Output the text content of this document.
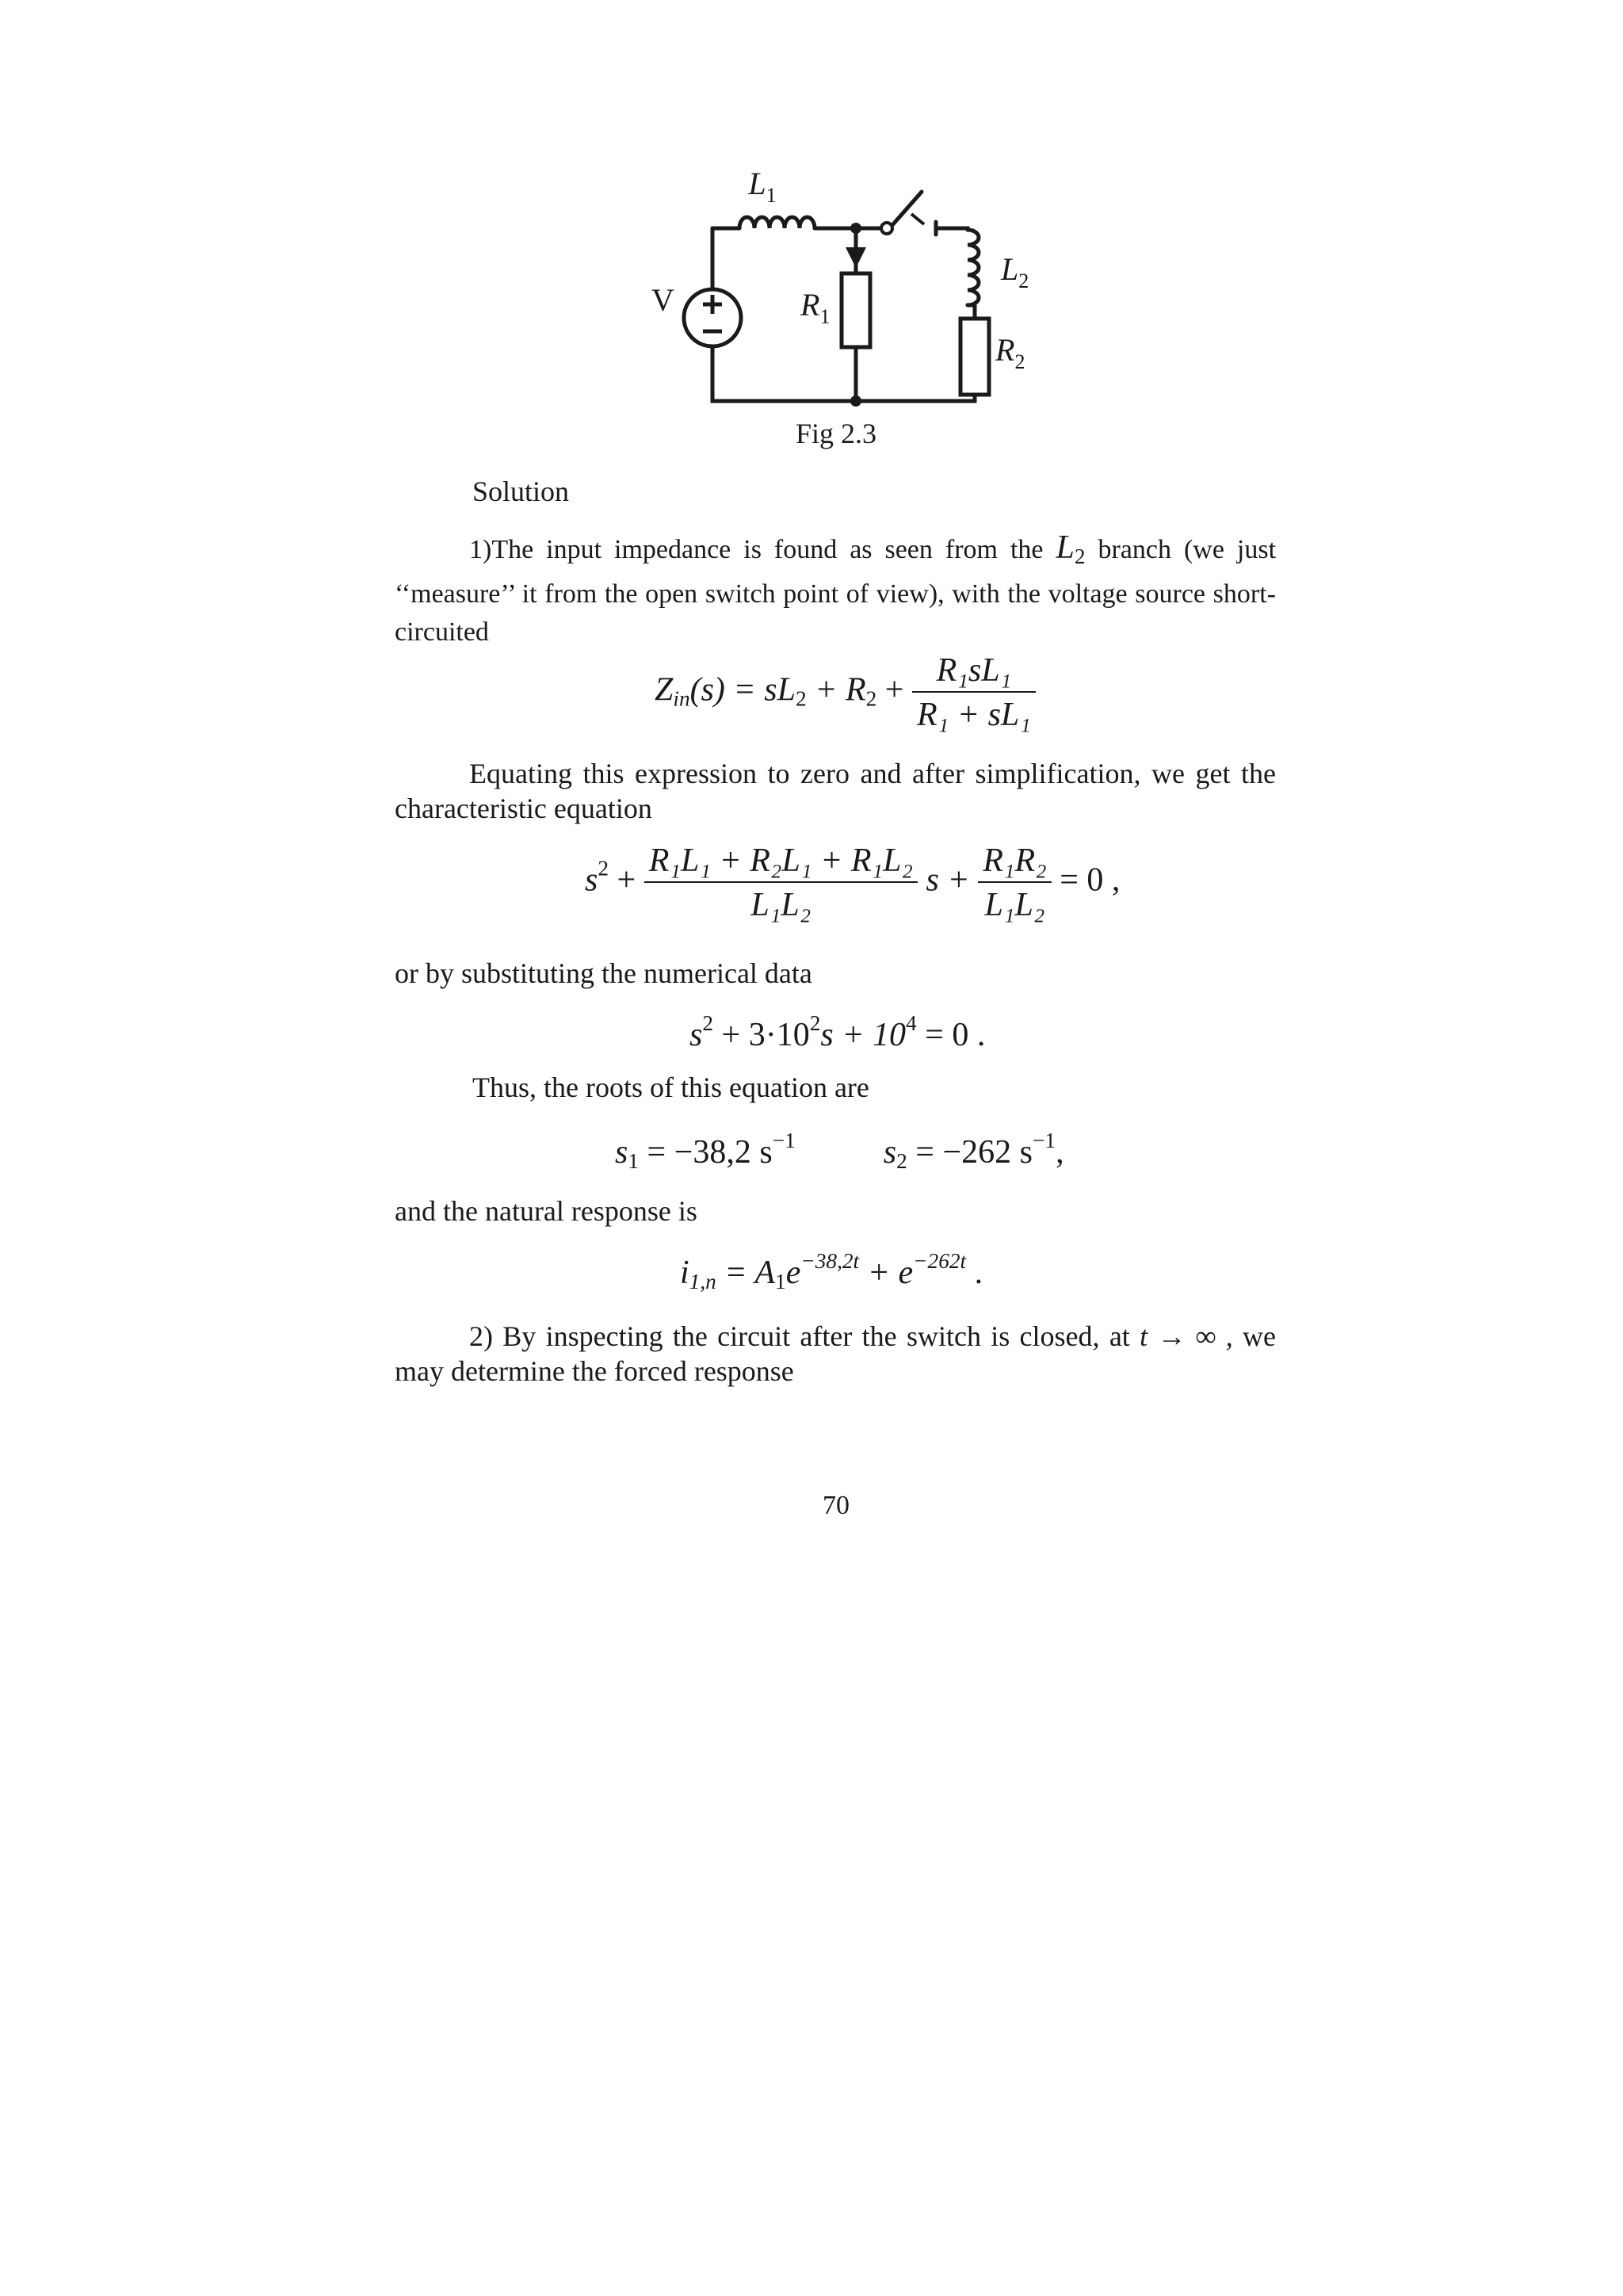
$L_1$
$L_2$
$R_1$
$R_2$
V
Fig 2.3
Solution
1)The input impedance is found as seen from the $L_2$ branch (we just ‘‘measure’’ it from the open switch point of view), with the voltage source short-circuited
$Z_{in}(s) = sL_2 + R_2 + \frac{\text{R₁sL₁}}{\text{R₁ + sL₁}}$
Equating this expression to zero and after simplification, we get the characteristic equation
$s^2 + \frac{\text{R₁L₁ + R₂L₁ + R₁L₂}}{\text{L₁L₂}}$ $s + \frac{\text{R₁R₂}}{\text{L₁L₂}} = 0$ ,
or by substituting the numerical data
$s^2 + 3\cdot 10^2s + 10^4 = 0$ .
Thus, the roots of this equation are
$s_1 = -38,2$ $s^{-1}$	$s_2 = -262$ $s^{-1}$,
and the natural response is
$i_{1,n} = A_1e^{-38,2t} + e^{-262t}$ .
2) By inspecting the circuit after the switch is closed, at t → ∞ , we may determine the forced response
70
